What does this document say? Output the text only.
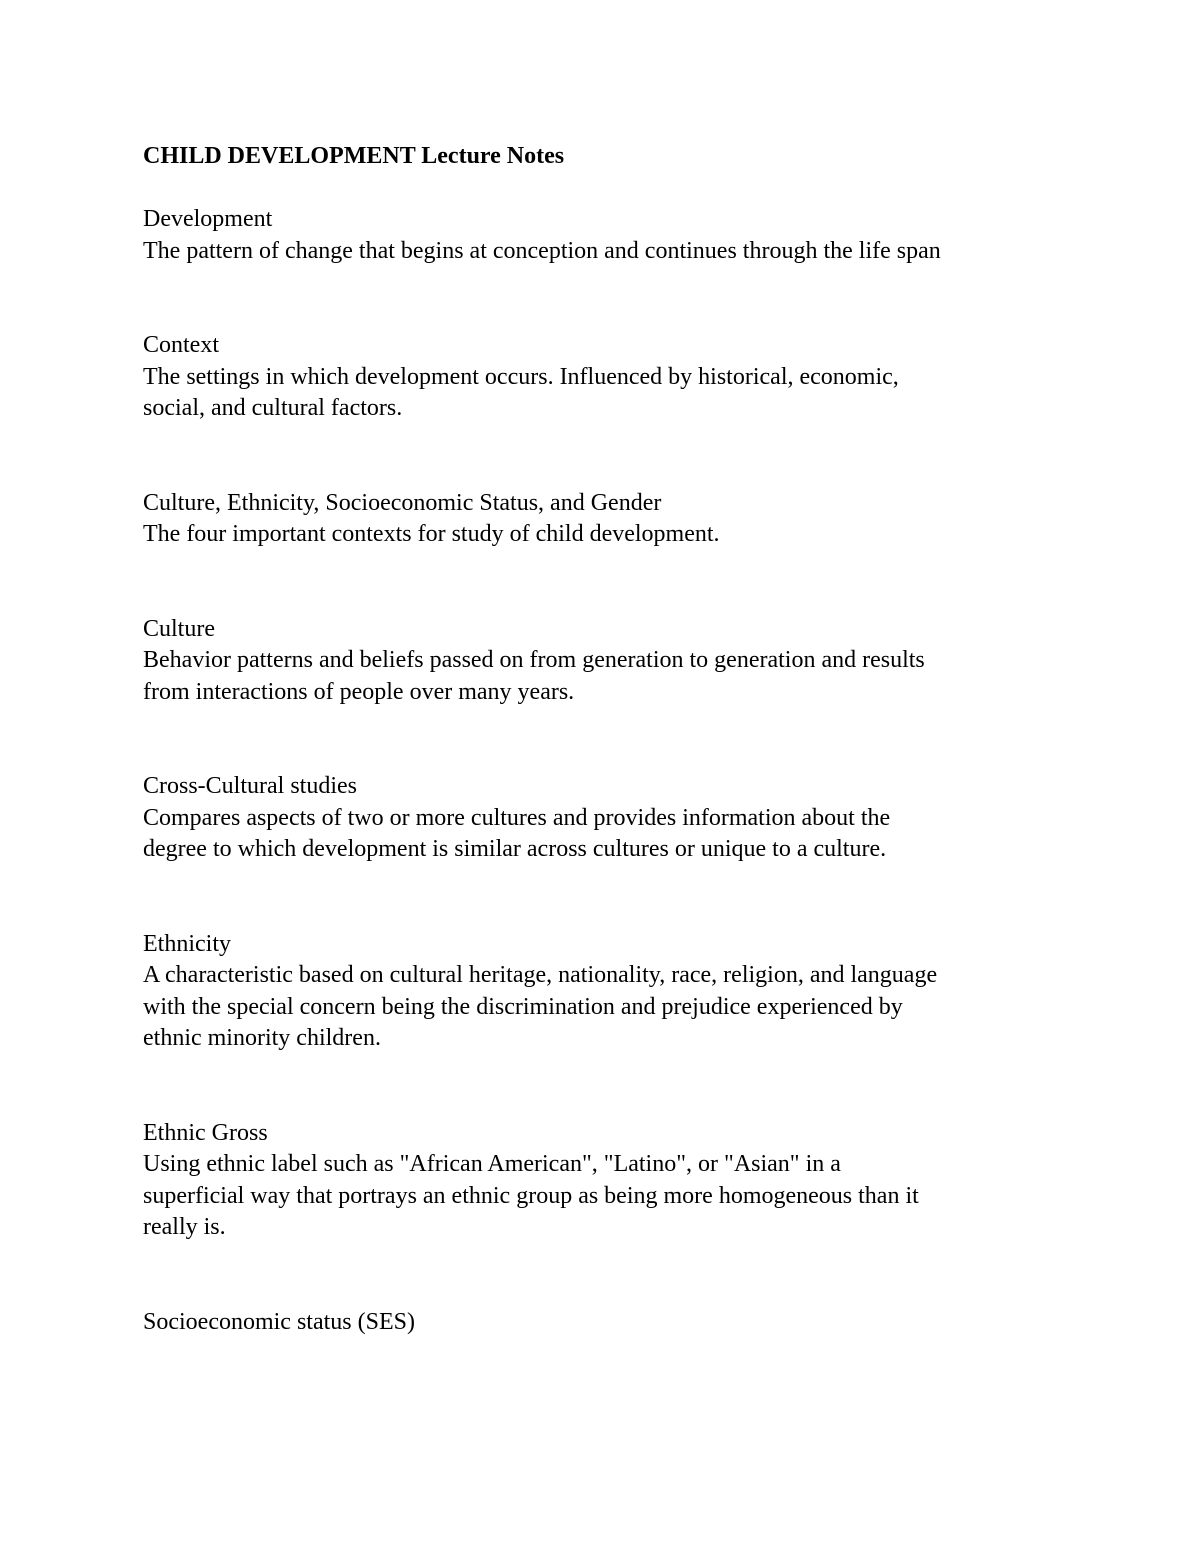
CHILD DEVELOPMENT Lecture Notes
Development
The pattern of change that begins at conception and continues through the life span
Context
The settings in which development occurs. Influenced by historical, economic,
social, and cultural factors.
Culture, Ethnicity, Socioeconomic Status, and Gender
The four important contexts for study of child development.
Culture
Behavior patterns and beliefs passed on from generation to generation and results
from interactions of people over many years.
Cross-Cultural studies
Compares aspects of two or more cultures and provides information about the
degree to which development is similar across cultures or unique to a culture.
Ethnicity
A characteristic based on cultural heritage, nationality, race, religion, and language
with the special concern being the discrimination and prejudice experienced by
ethnic minority children.
Ethnic Gross
Using ethnic label such as "African American", "Latino", or "Asian" in a
superficial way that portrays an ethnic group as being more homogeneous than it
really is.
Socioeconomic status (SES)
